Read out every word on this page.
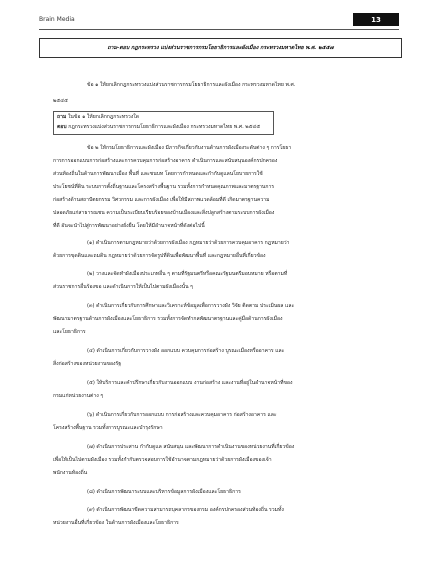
Brain Media	13
ถาม-ตอบ กฎกระทรวง แบ่งส่วนราชการกรมโยธาธิการและผังเมือง กระทรวงมหาดไทย พ.ศ. ๒๕๕๗
ข้อ ๑ ให้ยกเลิกกฎกระทรวงแบ่งส่วนราชการกรมโยธาธิการและผังเมือง กระทรวงมหาดไทย พ.ศ.
๒๕๔๕
ถาม ในข้อ ๑ ให้ยกเลิกกฎกระทรวงใด
ตอบ กฎกระทรวงแบ่งส่วนราชการกรมโยธาธิการและผังเมือง กระทรวงมหาดไทย พ.ศ. ๒๕๔๕
ข้อ ๒ ให้กรมโยธาธิการและผังเมือง มีภารกิจเกี่ยวกับงานด้านการผังเมืองระดับต่าง ๆ การโยธา
การการออกแบบการก่อสร้างและการควบคุมการก่อสร้างอาคาร ดำเนินการและสนับสนุนองค์กรปกครอง
ส่วนท้องถิ่นในด้านการพัฒนาเมือง พื้นที่ และชนบท โดยการกำหนดและกำกับดูแลนโยบายการใช้
ประโยชน์ที่ดิน ระบบการตั้งถิ่นฐานและโครงสร้างพื้นฐาน รวมทั้งการกำหนดคุณภาพและมาตรฐานการ
ก่อสร้างด้านสถาปัตยกรรม วิศวกรรม และการผังเมือง เพื่อให้มีสภาพแวดล้อมที่ดี เกิดมาตรฐานความ
ปลอดภัยแก่สาธารณชน ความเป็นระเบียบเรียบร้อยของบ้านเมืองและสิ่งปลูกสร้างตามระบบการผังเมือง
ที่ดี อันจะนำไปสู่การพัฒนาอย่างยั่งยืน โดยให้มีอำนาจหน้าที่ดังต่อไปนี้
(๑) ดำเนินการตามกฎหมายว่าด้วยการผังเมือง กฎหมายว่าด้วยการควบคุมอาคาร กฎหมายว่า
ด้วยการขุดดินและถมดิน กฎหมายว่าด้วยการจัดรูปที่ดินเพื่อพัฒนาพื้นที่ และกฎหมายอื่นที่เกี่ยวข้อง
(๒) วางและจัดทำผังเมืองประเภทอื่น ๆ ตามที่รัฐมนตรีหรือคณะรัฐมนตรีมอบหมาย หรือตามที่
ส่วนราชการอื่นร้องขอ และดำเนินการให้เป็นไปตามผังเมืองนั้น ๆ
(๓) ดำเนินการเกี่ยวกับการศึกษาและวิเคราะห์ข้อมูลเพื่อการวางผัง วิจัย ติดตาม ประเมินผล และ
พัฒนามาตรฐานด้านการผังเมืองและโยธาธิการ รวมทั้งการจัดทำกลพัฒนาตรฐานและคู่มือด้านการผังเมือง
และโยธาธิการ
(๔) ดำเนินการเกี่ยวกับการวางผัง ออกแบบ ควบคุมการก่อสร้าง บูรณะเมืองหรืออาคาร และ
สิ่งก่อสร้างของหน่วยงานของรัฐ
(๕) ให้บริการและคำปรึกษาเกี่ยวกับงานออกแบบ งานก่อสร้าง และงานที่อยู่ในอำนาจหน้าที่ของ
กรมแก่หน่วยงานต่าง ๆ
(๖) ดำเนินการเกี่ยวกับการออกแบบ การก่อสร้างและควบคุมอาคาร ก่อสร้างอาคาร และ
โครงสร้างพื้นฐาน รวมทั้งการบูรณะและบำรุงรักษา
(๗) ดำเนินการประสาน กำกับดูแล สนับสนุน และพัฒนาการดำเนินงานของหน่วยงานที่เกี่ยวข้อง
เพื่อให้เป็นไปตามผังเมือง รวมทั้งกำกับตรวจสอบการใช้อำนาจตามกฎหมายว่าด้วยการผังเมืองของเจ้า
พนักงานท้องถิ่น
(๘) ดำเนินการพัฒนาระบบและบริหารข้อมูลการผังเมืองและโยธาธิการ
(๙) ดำเนินการพัฒนาขีดความสามารถบุคลากรของกรม องค์กรปกครองส่วนท้องถิ่น รวมทั้ง
หน่วยงานอื่นที่เกี่ยวข้อง ในด้านการผังเมืองและโยธาธิการ
